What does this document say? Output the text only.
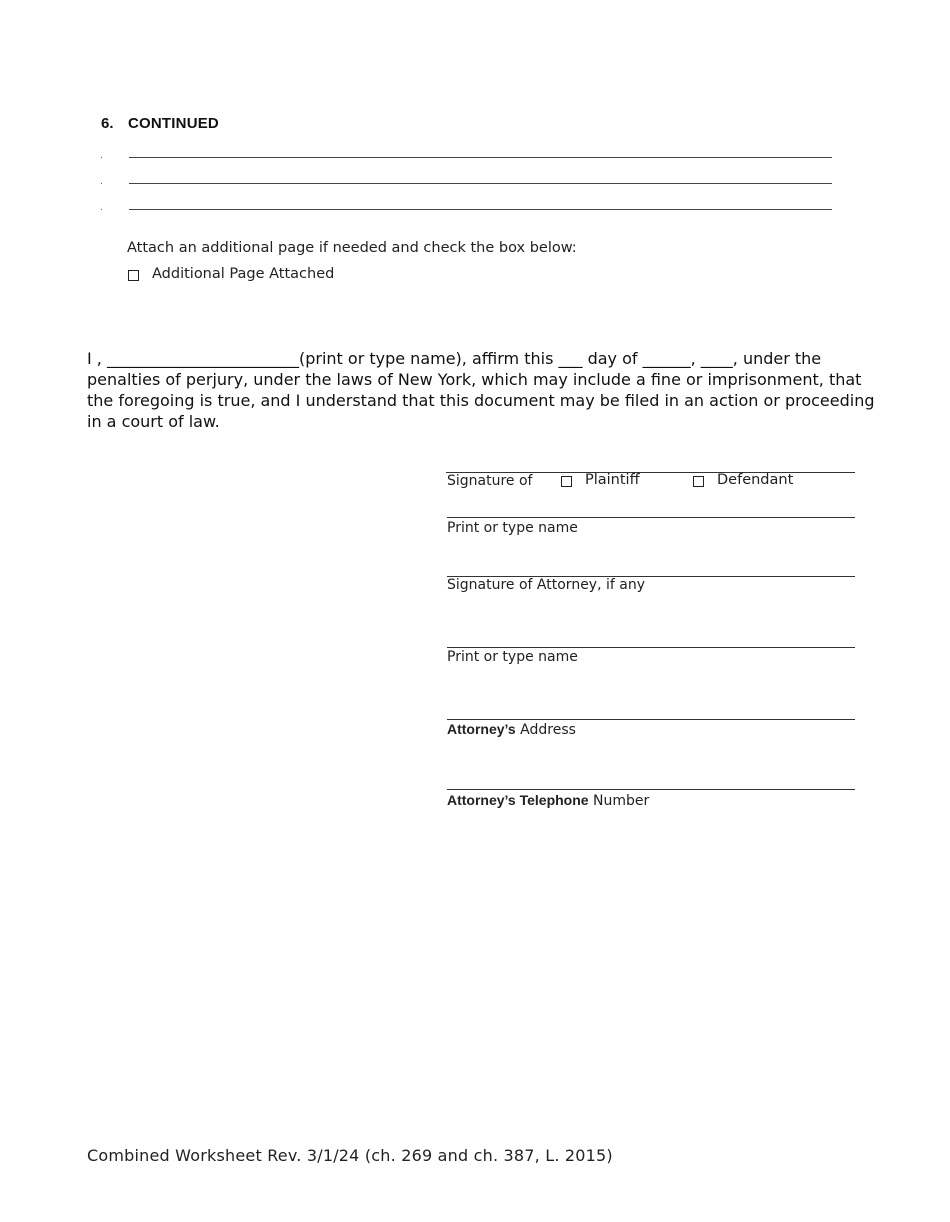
6. CONTINUED
.
.
.
Attach an additional page if needed and check the box below:
Additional Page Attached

I , ________________________(print or type name), affirm this ___ day of ______, ____, under the penalties of perjury, under the laws of New York, which may include a fine or imprisonment, that the foregoing is true, and I understand that this document may be filed in an action or proceeding in a court of law.

Signature of	Plaintiff	Defendant
Print or type name
Signature of Attorney, if any
Print or type name
Attorney’s Address
Attorney’s Telephone Number
Combined Worksheet Rev. 3/1/24 (ch. 269 and ch. 387, L. 2015)
